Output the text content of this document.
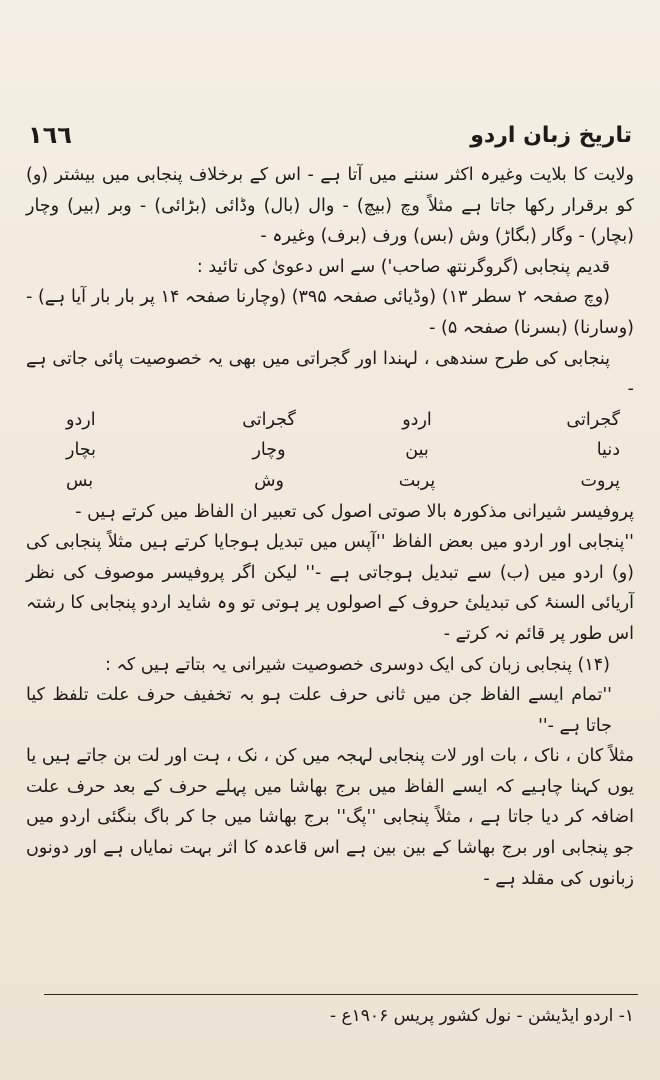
١٦٦	تاریخ زبان اردو

ولایت کا بلایت وغیرہ اکثر سننے میں آتا ہے - اس کے برخلاف پنجابی میں بیشتر (و) کو برقرار رکھا جاتا ہے مثلاً وچ (بیچ) - وال (بال) وڈائی (بڑائی) - وبر (بیر) وچار (بچار) - وگار (بگاڑ) وش (بس) ورف (برف) وغیرہ -

قدیم پنجابی (گروگرنتھ صاحب') سے اس دعویٰ کی تائید :

(وچ صفحہ ۲ سطر ۱۳) (وڈیائی صفحہ ۳۹۵) (وچارنا صفحہ ۱۴ پر بار بار آیا ہے) - (وسارنا) (بسرنا) صفحہ ۵) -

پنجابی کی طرح سندھی ، لہندا اور گجراتی میں بھی یہ خصوصیت پائی جاتی ہے -

گجراتی
اردو
گجراتی
اردو
دنیا
بین
وچار
بچار
پروت
پربت
وش
بس

پروفیسر شیرانی مذکورہ بالا صوتی اصول کی تعبیر ان الفاظ میں کرتے ہیں -

''پنجابی اور اردو میں بعض الفاظ ''آپس میں تبدیل ہوجایا کرتے ہیں مثلاً پنجابی کی (و) اردو میں (ب) سے تبدیل ہوجاتی ہے -'' لیکن اگر پروفیسر موصوف کی نظر آریائی السنۂ کی تبدیلیٔ حروف کے اصولوں پر ہوتی تو وہ شاید اردو پنجابی کا رشتہ اس طور پر قائم نہ کرتے -

(۱۴) پنجابی زبان کی ایک دوسری خصوصیت شیرانی یہ بتاتے ہیں کہ :

''تمام ایسے الفاظ جن میں ثانی حرف علت ہو بہ تخفیف حرف علت تلفظ کیا جاتا ہے -''

مثلاً کان ، ناک ، بات اور لات پنجابی لہجہ میں کن ، نک ، ہت اور لت بن جاتے ہیں یا یوں کہنا چاہیے کہ ایسے الفاظ میں برج بھاشا میں پہلے حرف کے بعد حرف علت اضافہ کر دیا جاتا ہے ، مثلاً پنجابی ''پگ'' برج بھاشا میں جا کر باگ بنگئی اردو میں جو پنجابی اور برج بھاشا کے بین بین ہے اس قاعدہ کا اثر بہت نمایاں ہے اور دونوں زبانوں کی مقلد ہے -

۱- اردو ایڈیشن - نول کشور پریس ۱۹۰۶ع -
